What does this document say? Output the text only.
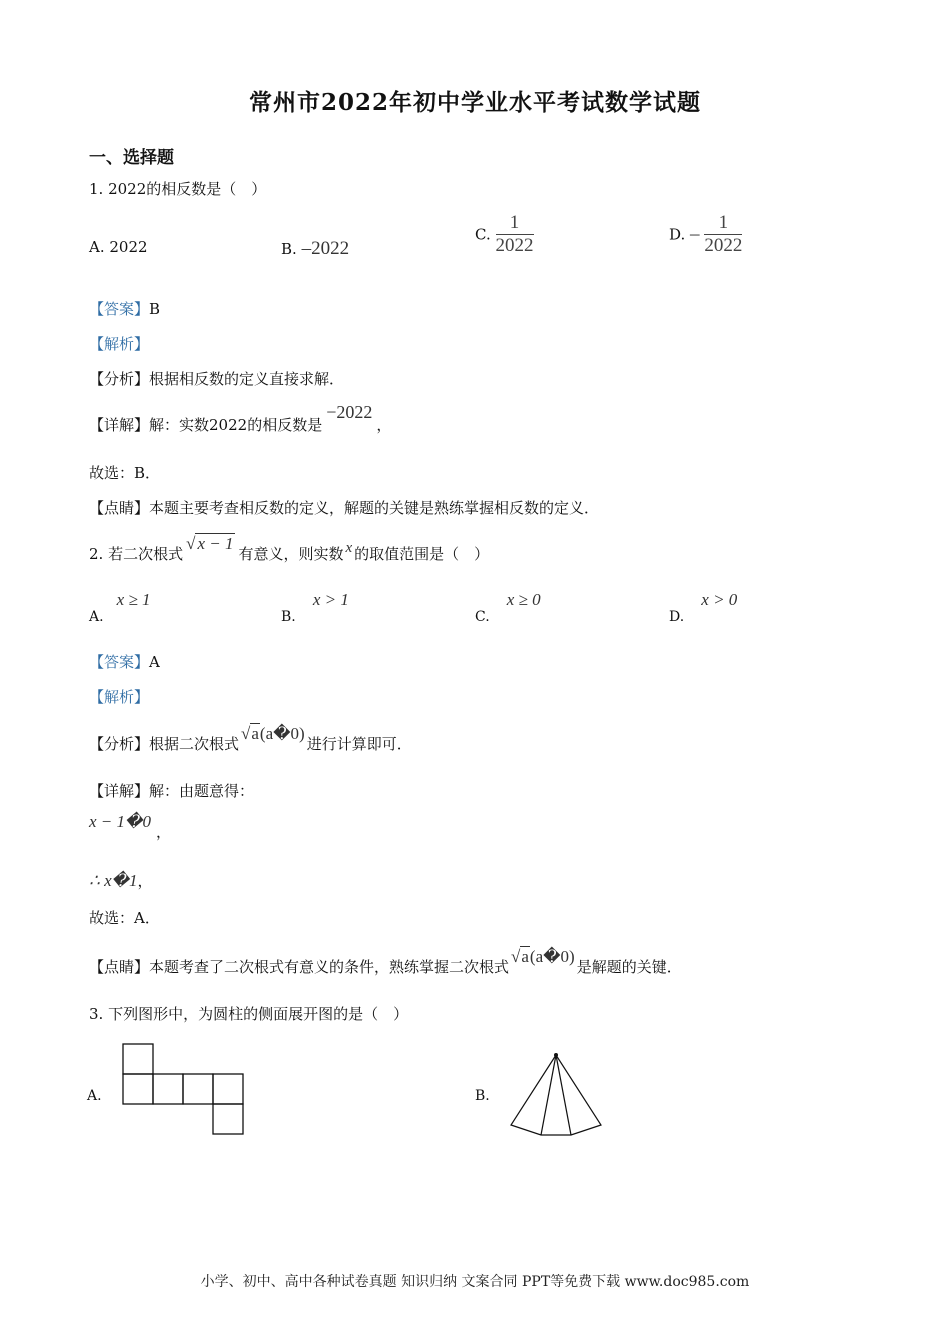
常州市2022年初中学业水平考试数学试题
一、选择题
1. 2022的相反数是（　）
A. 2022	B. –2022
C. $\frac{1}{2022}$	D. – $\frac{1}{2022}$
【答案】B
【解析】
【分析】根据相反数的定义直接求解．
【详解】解：实数2022的相反数是−2022，
故选：B．
【点睛】本题主要考查相反数的定义，解题的关键是熟练掌握相反数的定义．
2. 若二次根式√ x − 1有意义，则实数 x 的取值范围是（　）
A. x ≥ 1
B. x > 1
C. x ≥ 0
D. x > 0
【答案】A
【解析】
【分析】根据二次根式√a(a�0)进行计算即可．
【详解】解：由题意得：
x − 1�0 ，
∴ x�1，
故选：A．
【点睛】本题考查了二次根式有意义的条件，熟练掌握二次根式√a(a�0)是解题的关键．
3. 下列图形中，为圆柱的侧面展开图的是（　）
A.	B.
小学、初中、高中各种试卷真题 知识归纳 文案合同 PPT等免费下载 www.doc985.com
